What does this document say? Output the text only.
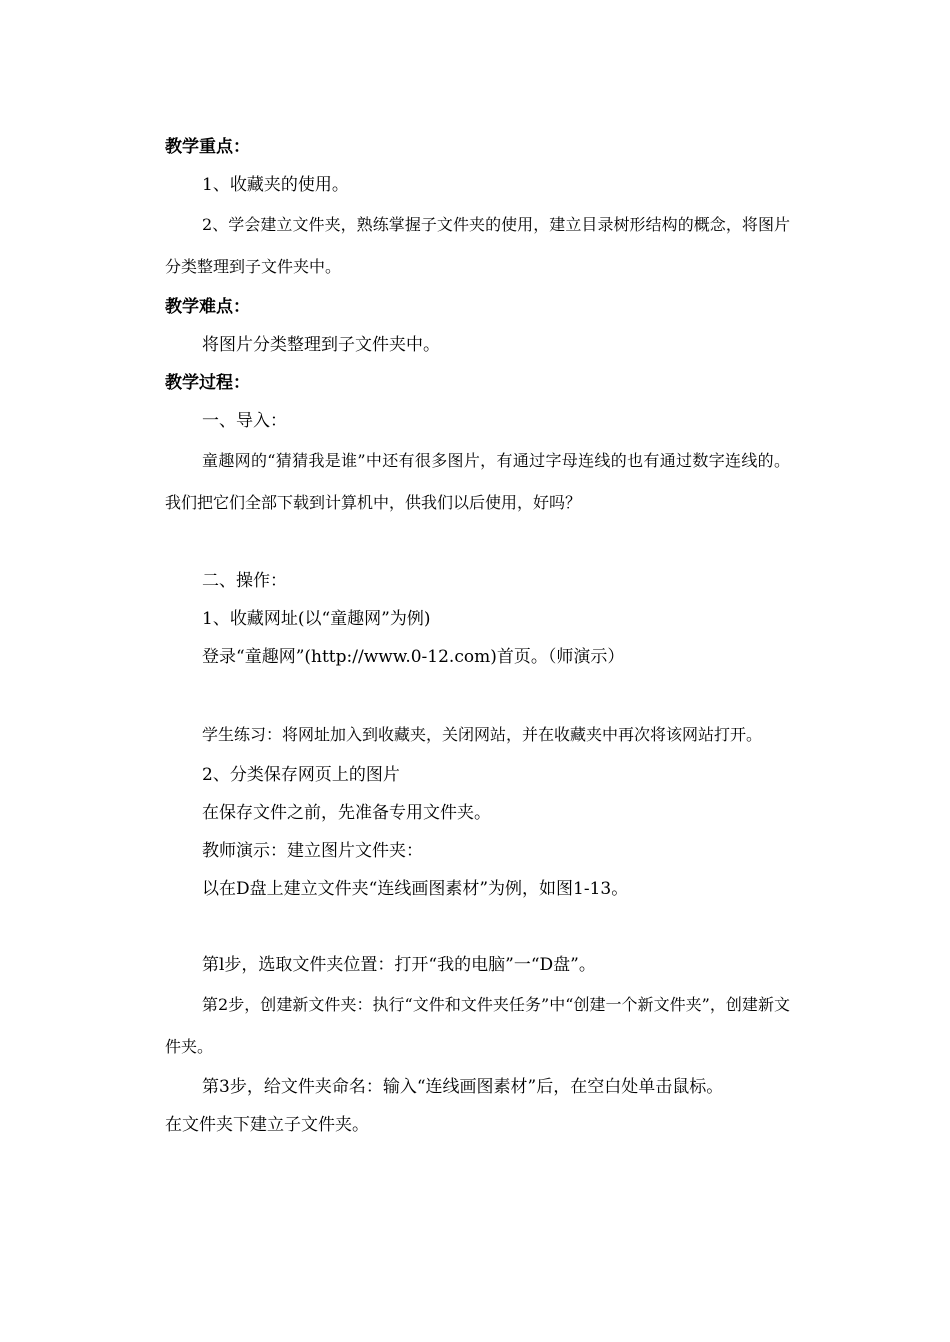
教学重点：
1、收藏夹的使用。
2、学会建立文件夹，熟练掌握子文件夹的使用，建立目录树形结构的概念，将图片分类整理到子文件夹中。
教学难点：
将图片分类整理到子文件夹中。
教学过程：
一、导入：
童趣网的“猜猜我是谁”中还有很多图片，有通过字母连线的也有通过数字连线的。我们把它们全部下载到计算机中，供我们以后使用，好吗？
二、操作：
1、收藏网址(以“童趣网”为例)
登录“童趣网”(http://www.0-12.com)首页。（师演示）
学生练习：将网址加入到收藏夹，关闭网站，并在收藏夹中再次将该网站打开。
2、分类保存网页上的图片
在保存文件之前，先准备专用文件夹。
教师演示：建立图片文件夹：
以在D盘上建立文件夹“连线画图素材”为例，如图1-13。
第l步，选取文件夹位置：打开“我的电脑”一“D盘”。
第2步，创建新文件夹：执行“文件和文件夹任务”中“创建一个新文件夹”，创建新文件夹。
第3步，给文件夹命名：输入“连线画图素材”后，在空白处单击鼠标。
在文件夹下建立子文件夹。
